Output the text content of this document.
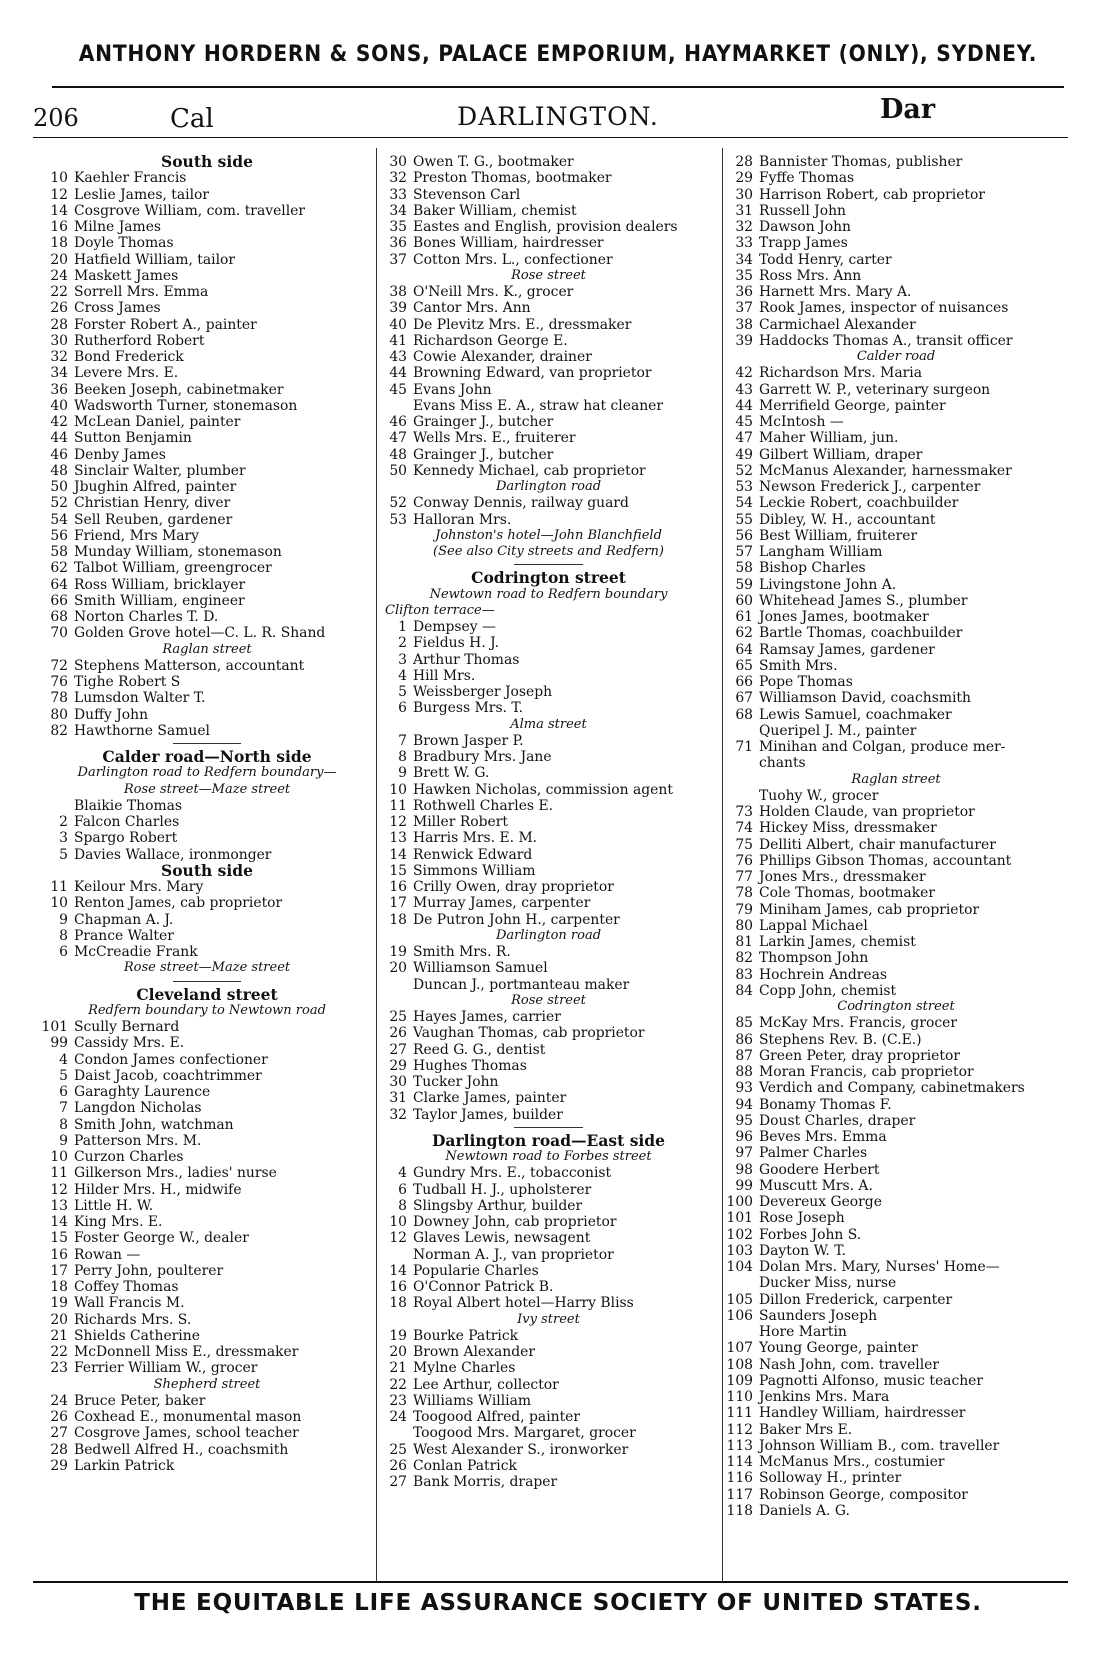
ANTHONY HORDERN & SONS, PALACE EMPORIUM, HAYMARKET (ONLY), SYDNEY.
206	Cal	DARLINGTON.	Dar
South side
10 Kaehler Francis
12 Leslie James, tailor
14 Cosgrove William, com. traveller
16 Milne James
18 Doyle Thomas
20 Hatfield William, tailor
24 Maskett James
22 Sorrell Mrs. Emma
26 Cross James
28 Forster Robert A., painter
30 Rutherford Robert
32 Bond Frederick
34 Levere Mrs. E.
36 Beeken Joseph, cabinetmaker
40 Wadsworth Turner, stonemason
42 McLean Daniel, painter
44 Sutton Benjamin
46 Denby James
48 Sinclair Walter, plumber
50 Jbughin Alfred, painter
52 Christian Henry, diver
54 Sell Reuben, gardener
56 Friend, Mrs Mary
58 Munday William, stonemason
62 Talbot William, greengrocer
64 Ross William, bricklayer
66 Smith William, engineer
68 Norton Charles T. D.
70 Golden Grove hotel—C. L. R. Shand
Raglan street
72 Stephens Matterson, accountant
76 Tighe Robert S
78 Lumsdon Walter T.
80 Duffy John
82 Hawthorne Samuel
Calder road—North side
Darlington road to Redfern boundary—
Rose street—Maze street
Blaikie Thomas
2 Falcon Charles
3 Spargo Robert
5 Davies Wallace, ironmonger
South side
11 Keilour Mrs. Mary
10 Renton James, cab proprietor
9 Chapman A. J.
8 Prance Walter
6 McCreadie Frank
Rose street—Maze street
Cleveland street
Redfern boundary to Newtown road
101 Scully Bernard
99 Cassidy Mrs. E.
4 Condon James confectioner
5 Daist Jacob, coachtrimmer
6 Garaghty Laurence
7 Langdon Nicholas
8 Smith John, watchman
9 Patterson Mrs. M.
10 Curzon Charles
11 Gilkerson Mrs., ladies' nurse
12 Hilder Mrs. H., midwife
13 Little H. W.
14 King Mrs. E.
15 Foster George W., dealer
16 Rowan —
17 Perry John, poulterer
18 Coffey Thomas
19 Wall Francis M.
20 Richards Mrs. S.
21 Shields Catherine
22 McDonnell Miss E., dressmaker
23 Ferrier William W., grocer
Shepherd street
24 Bruce Peter, baker
26 Coxhead E., monumental mason
27 Cosgrove James, school teacher
28 Bedwell Alfred H., coachsmith
29 Larkin Patrick
30 Owen T. G., bootmaker
32 Preston Thomas, bootmaker
33 Stevenson Carl
34 Baker William, chemist
35 Eastes and English, provision dealers
36 Bones William, hairdresser
37 Cotton Mrs. L., confectioner
Rose street
38 O'Neill Mrs. K., grocer
39 Cantor Mrs. Ann
40 De Plevitz Mrs. E., dressmaker
41 Richardson George E.
43 Cowie Alexander, drainer
44 Browning Edward, van proprietor
45 Evans John
Evans Miss E. A., straw hat cleaner
46 Grainger J., butcher
47 Wells Mrs. E., fruiterer
48 Grainger J., butcher
50 Kennedy Michael, cab proprietor
Darlington road
52 Conway Dennis, railway guard
53 Halloran Mrs.
Johnston's hotel—John Blanchfield
(See also City streets and Redfern)
Codrington street
Newtown road to Redfern boundary
Clifton terrace—
1 Dempsey —
2 Fieldus H. J.
3 Arthur Thomas
4 Hill Mrs.
5 Weissberger Joseph
6 Burgess Mrs. T.
Alma street
7 Brown Jasper P.
8 Bradbury Mrs. Jane
9 Brett W. G.
10 Hawken Nicholas, commission agent
11 Rothwell Charles E.
12 Miller Robert
13 Harris Mrs. E. M.
14 Renwick Edward
15 Simmons William
16 Crilly Owen, dray proprietor
17 Murray James, carpenter
18 De Putron John H., carpenter
Darlington road
19 Smith Mrs. R.
20 Williamson Samuel
Duncan J., portmanteau maker
Rose street
25 Hayes James, carrier
26 Vaughan Thomas, cab proprietor
27 Reed G. G., dentist
29 Hughes Thomas
30 Tucker John
31 Clarke James, painter
32 Taylor James, builder
Darlington road—East side
Newtown road to Forbes street
4 Gundry Mrs. E., tobacconist
6 Tudball H. J., upholsterer
8 Slingsby Arthur, builder
10 Downey John, cab proprietor
12 Glaves Lewis, newsagent
Norman A. J., van proprietor
14 Popularie Charles
16 O'Connor Patrick B.
18 Royal Albert hotel—Harry Bliss
Ivy street
19 Bourke Patrick
20 Brown Alexander
21 Mylne Charles
22 Lee Arthur, collector
23 Williams William
24 Toogood Alfred, painter
Toogood Mrs. Margaret, grocer
25 West Alexander S., ironworker
26 Conlan Patrick
27 Bank Morris, draper
28 Bannister Thomas, publisher
29 Fyffe Thomas
30 Harrison Robert, cab proprietor
31 Russell John
32 Dawson John
33 Trapp James
34 Todd Henry, carter
35 Ross Mrs. Ann
36 Harnett Mrs. Mary A.
37 Rook James, inspector of nuisances
38 Carmichael Alexander
39 Haddocks Thomas A., transit officer
Calder road
42 Richardson Mrs. Maria
43 Garrett W. P., veterinary surgeon
44 Merrifield George, painter
45 McIntosh —
47 Maher William, jun.
49 Gilbert William, draper
52 McManus Alexander, harnessmaker
53 Newson Frederick J., carpenter
54 Leckie Robert, coachbuilder
55 Dibley, W. H., accountant
56 Best William, fruiterer
57 Langham William
58 Bishop Charles
59 Livingstone John A.
60 Whitehead James S., plumber
61 Jones James, bootmaker
62 Bartle Thomas, coachbuilder
64 Ramsay James, gardener
65 Smith Mrs.
66 Pope Thomas
67 Williamson David, coachsmith
68 Lewis Samuel, coachmaker
Queripel J. M., painter
71 Minihan and Colgan, produce mer-
chants
Raglan street
Tuohy W., grocer
73 Holden Claude, van proprietor
74 Hickey Miss, dressmaker
75 Delliti Albert, chair manufacturer
76 Phillips Gibson Thomas, accountant
77 Jones Mrs., dressmaker
78 Cole Thomas, bootmaker
79 Miniham James, cab proprietor
80 Lappal Michael
81 Larkin James, chemist
82 Thompson John
83 Hochrein Andreas
84 Copp John, chemist
Codrington street
85 McKay Mrs. Francis, grocer
86 Stephens Rev. B. (C.E.)
87 Green Peter, dray proprietor
88 Moran Francis, cab proprietor
93 Verdich and Company, cabinetmakers
94 Bonamy Thomas F.
95 Doust Charles, draper
96 Beves Mrs. Emma
97 Palmer Charles
98 Goodere Herbert
99 Muscutt Mrs. A.
100 Devereux George
101 Rose Joseph
102 Forbes John S.
103 Dayton W. T.
104 Dolan Mrs. Mary, Nurses' Home—
Ducker Miss, nurse
105 Dillon Frederick, carpenter
106 Saunders Joseph
Hore Martin
107 Young George, painter
108 Nash John, com. traveller
109 Pagnotti Alfonso, music teacher
110 Jenkins Mrs. Mara
111 Handley William, hairdresser
112 Baker Mrs E.
113 Johnson William B., com. traveller
114 McManus Mrs., costumier
116 Solloway H., printer
117 Robinson George, compositor
118 Daniels A. G.
THE EQUITABLE LIFE ASSURANCE SOCIETY OF UNITED STATES.
